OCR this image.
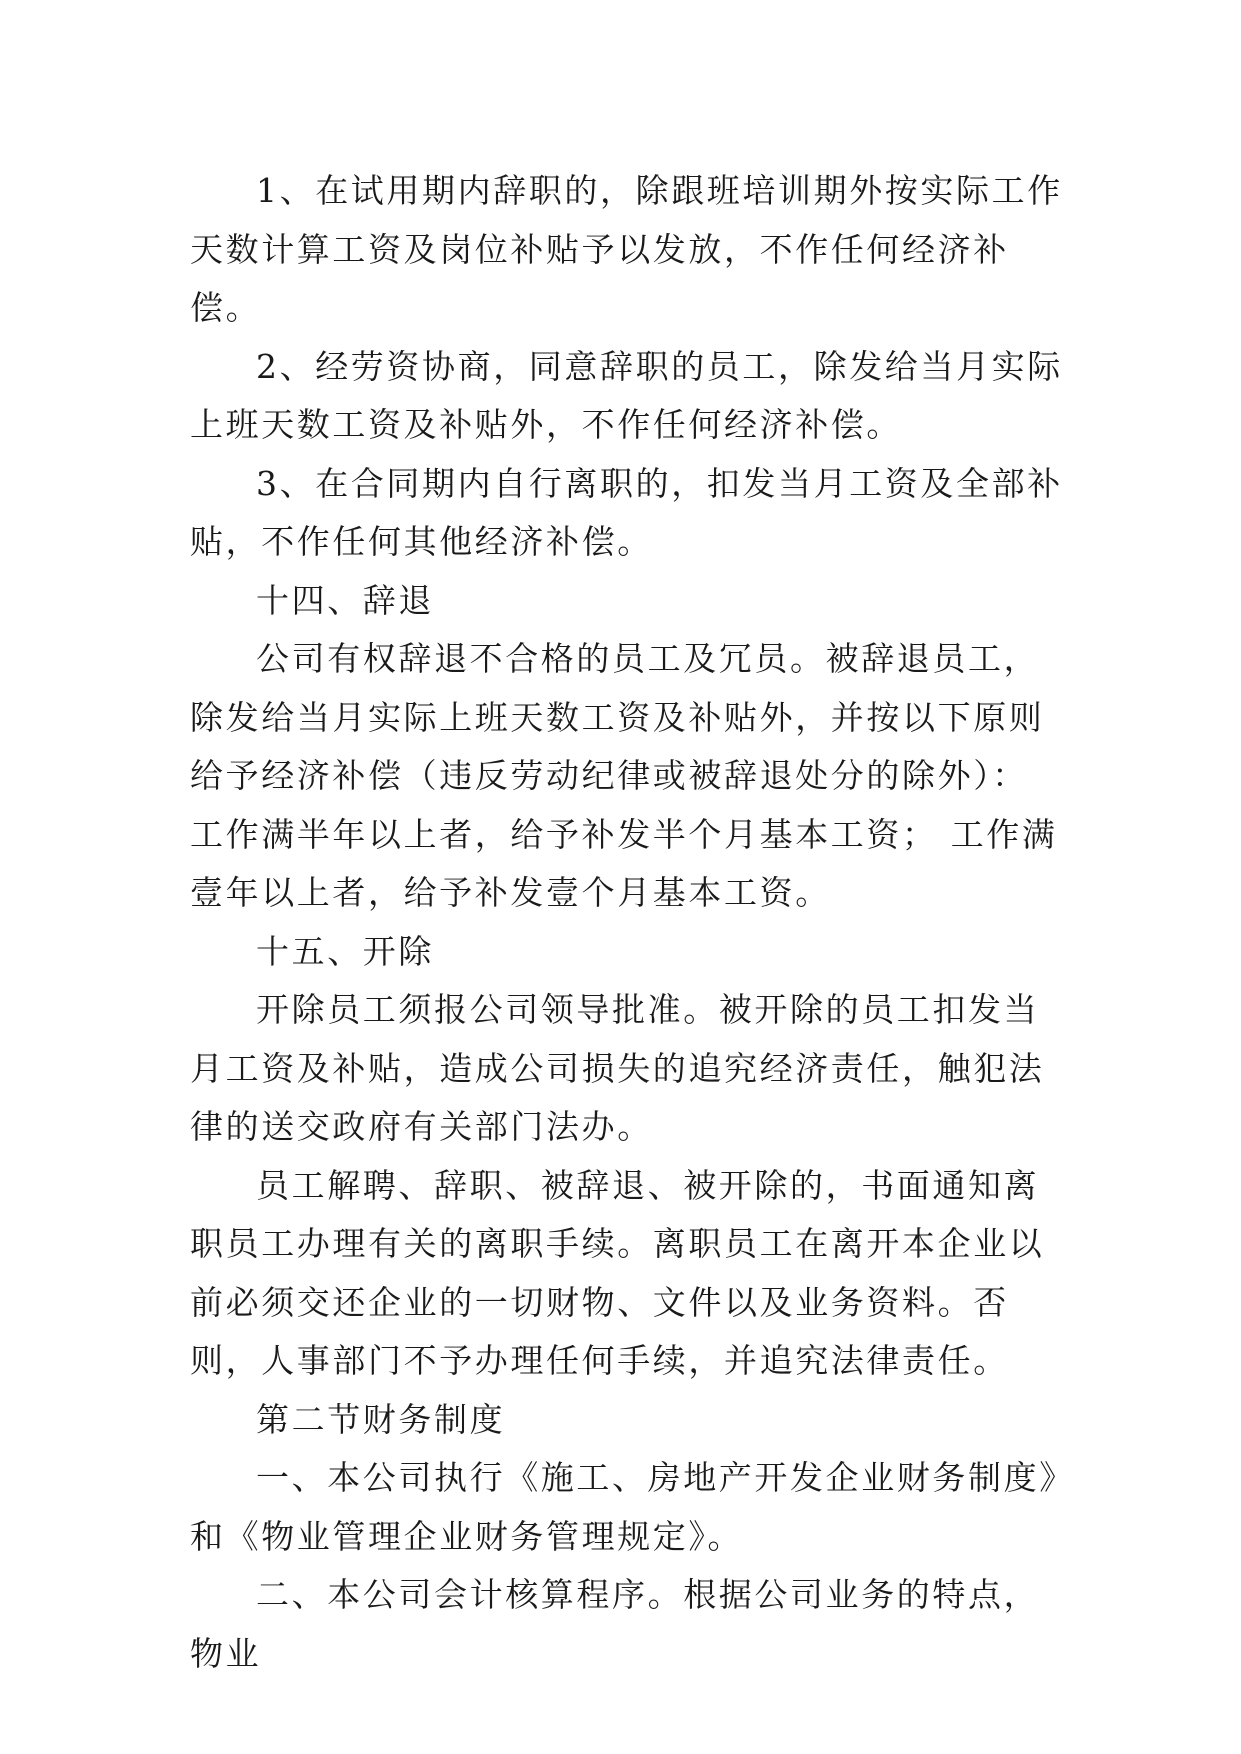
1、在试用期内辞职的，除跟班培训期外按实际工作天数计算工资及岗位补贴予以发放，不作任何经济补偿。

2、经劳资协商，同意辞职的员工，除发给当月实际上班天数工资及补贴外，不作任何经济补偿。

3、在合同期内自行离职的，扣发当月工资及全部补贴，不作任何其他经济补偿。

十四、辞退

公司有权辞退不合格的员工及冗员。被辞退员工，除发给当月实际上班天数工资及补贴外，并按以下原则给予经济补偿（违反劳动纪律或被辞退处分的除外）： 工作满半年以上者，给予补发半个月基本工资； 工作满壹年以上者，给予补发壹个月基本工资。

十五、开除

开除员工须报公司领导批准。被开除的员工扣发当月工资及补贴，造成公司损失的追究经济责任，触犯法律的送交政府有关部门法办。

员工解聘、辞职、被辞退、被开除的，书面通知离职员工办理有关的离职手续。离职员工在离开本企业以前必须交还企业的一切财物、文件以及业务资料。否则，人事部门不予办理任何手续，并追究法律责任。

第二节财务制度

一、本公司执行《施工、房地产开发企业财务制度》和《物业管理企业财务管理规定》。

二、本公司会计核算程序。根据公司业务的特点，物业
